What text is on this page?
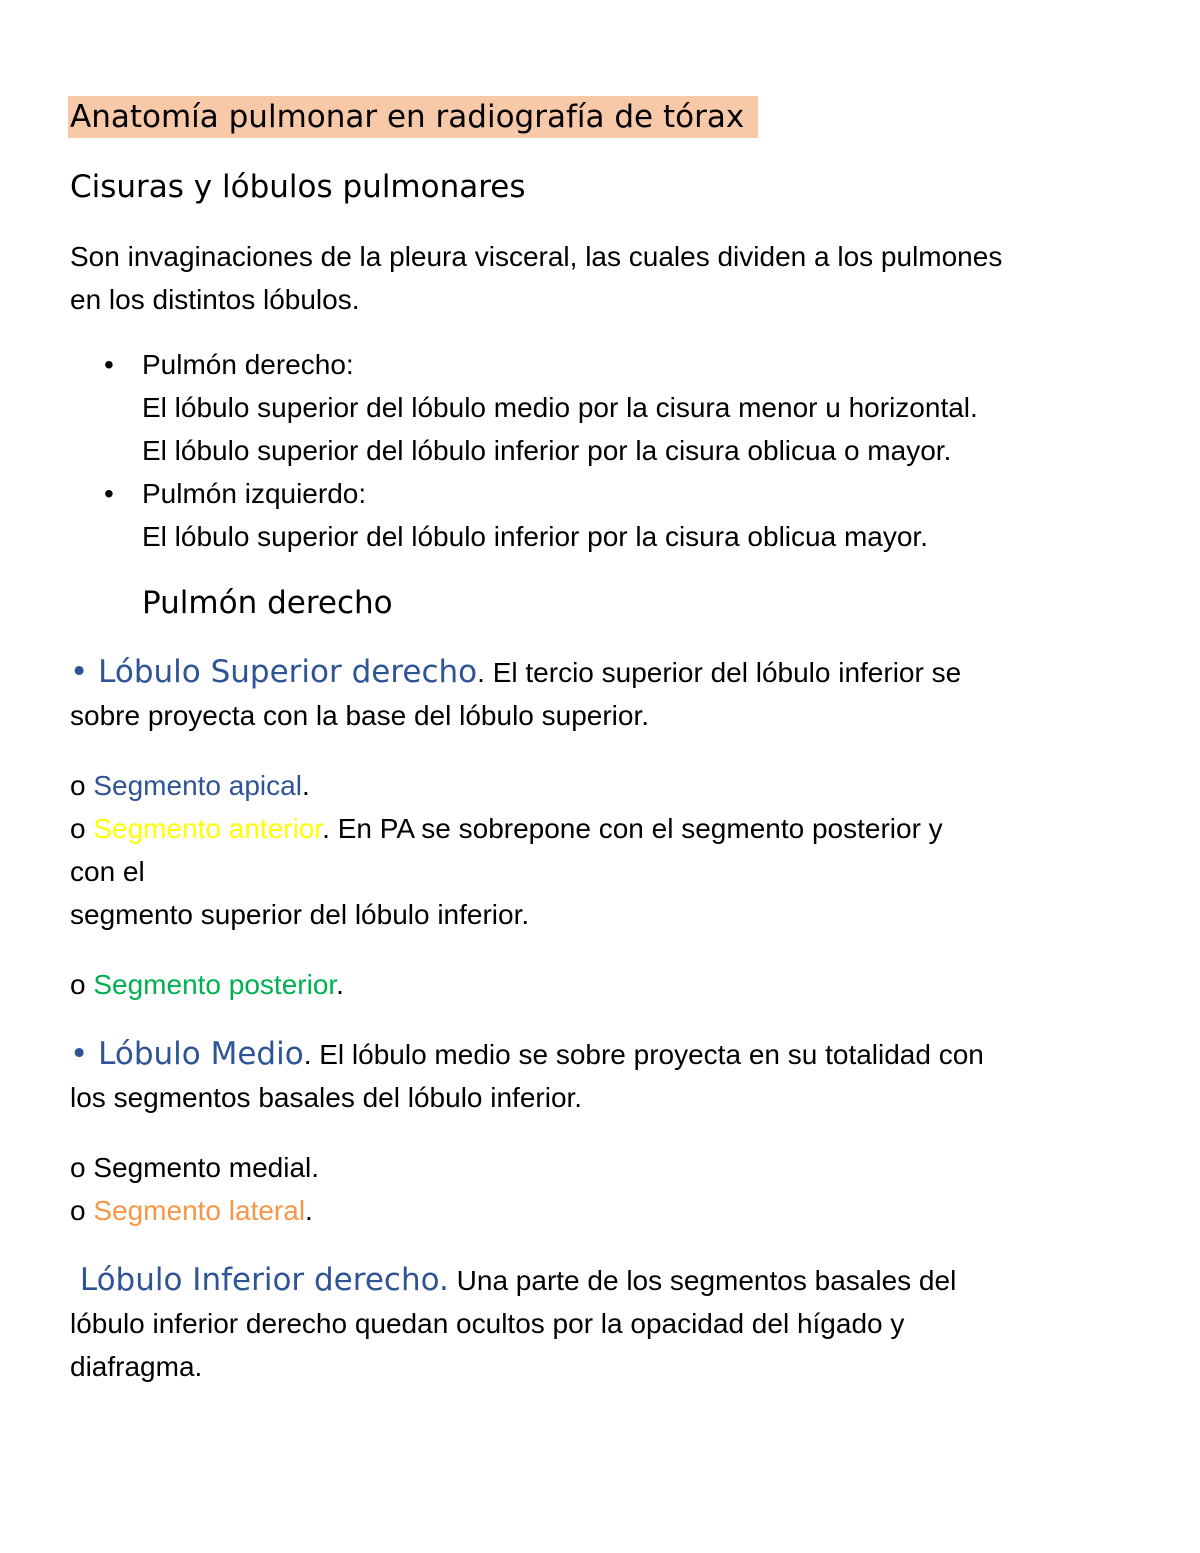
Anatomía pulmonar en radiografía de tórax
Cisuras y lóbulos pulmonares
Son invaginaciones de la pleura visceral, las cuales dividen a los pulmones
en los distintos lóbulos.
• Pulmón derecho:
El lóbulo superior del lóbulo medio por la cisura menor u horizontal.
El lóbulo superior del lóbulo inferior por la cisura oblicua o mayor.
• Pulmón izquierdo:
El lóbulo superior del lóbulo inferior por la cisura oblicua mayor.
Pulmón derecho
• Lóbulo Superior derecho. El tercio superior del lóbulo inferior se
sobre proyecta con la base del lóbulo superior.
o Segmento apical.
o Segmento anterior. En PA se sobrepone con el segmento posterior y
con el
segmento superior del lóbulo inferior.
o Segmento posterior.
• Lóbulo Medio. El lóbulo medio se sobre proyecta en su totalidad con
los segmentos basales del lóbulo inferior.
o Segmento medial.
o Segmento lateral.
Lóbulo Inferior derecho. Una parte de los segmentos basales del
lóbulo inferior derecho quedan ocultos por la opacidad del hígado y
diafragma.
